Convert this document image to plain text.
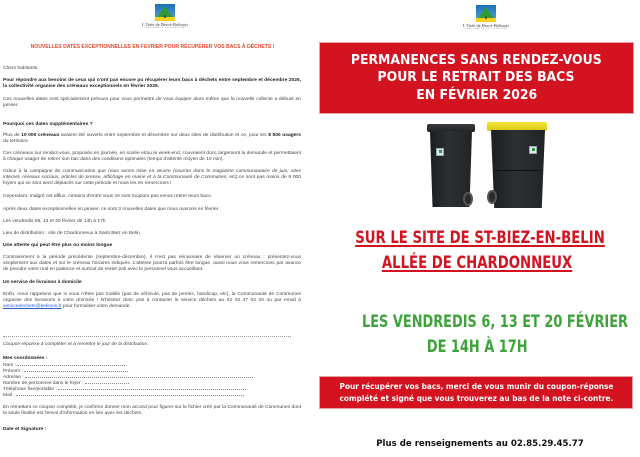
L'Orée de Bercé-Belinois
COMMUNAUTÉ DE COMMUNES
NOUVELLES DATES EXCEPTIONNELLES EN FEVRIER POUR RÉCUPÉRER VOS BACS À DÉCHETS !
Chers habitants,
Pour répondre aux besoins de ceux qui n'ont pas encore pu récupérer leurs bacs à déchets entre septembre et décembre 2025, la collectivité organise des créneaux exceptionnels en février 2026.
Ces nouvelles dates sont spécialement prévues pour vous permettre de vous équiper alors même que la nouvelle collecte a débuté en janvier.
Pourquoi ces dates supplémentaires ?
Plus de 10 000 créneaux avaient été ouverts entre septembre et décembre sur deux sites de distribution et ce, pour les 8 500 usagers du territoire.
Ces créneaux sur rendez-vous, proposés en journée, en soirée et/ou le week-end, couvraient donc largement la demande et permettaient à chaque usager de retirer son bac dans des conditions optimales (temps d'attente moyen de 10 min).
Grâce à la campagne de communication que nous avons mise en œuvre (courrier dans le magazine communautaire de juin, sites internet, réseaux sociaux, articles de presse, affichage en mairie et à la Communauté de Communes, etc),ce sont pas moins de 8 000 foyers qui se sont ainsi déplacés sur cette période et nous les en remercions !
Cependant, malgré cet afflux, certains d'entre vous ne sont toujours pas venus retirer leurs bacs.
Après deux dates exceptionnelles en janvier, ce sont 3 nouvelles dates que nous ouvrons en février
Les vendredis 06, 13 et 20 février de 14h à 17h
Lieu de distribution : site de Chardonneux à Saint Biez en Belin.
Une attente qui peut être plus ou moins longue
Contrairement à la période précédente (septembre-décembre), il n'est pas nécessaire de réserver un créneau : présentez-vous simplement aux dates et sur le créneau horaires indiqués. L'attente pourra parfois être longue, aussi nous vous remercions par avance de prendre votre mal en patience et surtout de rester poli avec le personnel vous accueillant.
Un service de livraison à domicile
Enfin, nous rappelons que si vous n'êtes pas mobile (pas de véhicule, pas de permis, handicap, etc), la Communauté de Communes organise des livraisons à votre domicile ! N'hésitez donc pas à contacter le service déchets au 02 43 47 02 20 ou par email à servicedechets@belinois.fr pour formaliser votre demande.
Coupon-réponse à compléter et à remettre le jour de la distribution.
Mes coordonnées :
Nom :
Prénom :
Adresse :
Nombre de personnes dans le foyer :
Téléphone fixe/portable :
Mail :
En remettant ce coupon complété, je confirme donner mon accord pour figurer sur le fichier créé par la Communauté de Communes dont la seule finalité est l'envoi d'information en lien avec les déchets.
Date et Signature :
L'Orée de Bercé-Belinois
COMMUNAUTÉ DE COMMUNES
PERMANENCES SANS RENDEZ-VOUS
POUR LE RETRAIT DES BACS
EN FÉVRIER 2026
SUR LE SITE DE ST-BIEZ-EN-BELIN
ALLÉE DE CHARDONNEUX
LES VENDREDIS 6, 13 ET 20 FÉVRIER
DE 14H À 17H
Pour récupérer vos bacs, merci de vous munir du coupon-réponse
complété et signé que vous trouverez au bas de la note ci-contre.
Plus de renseignements au 02.85.29.45.77
